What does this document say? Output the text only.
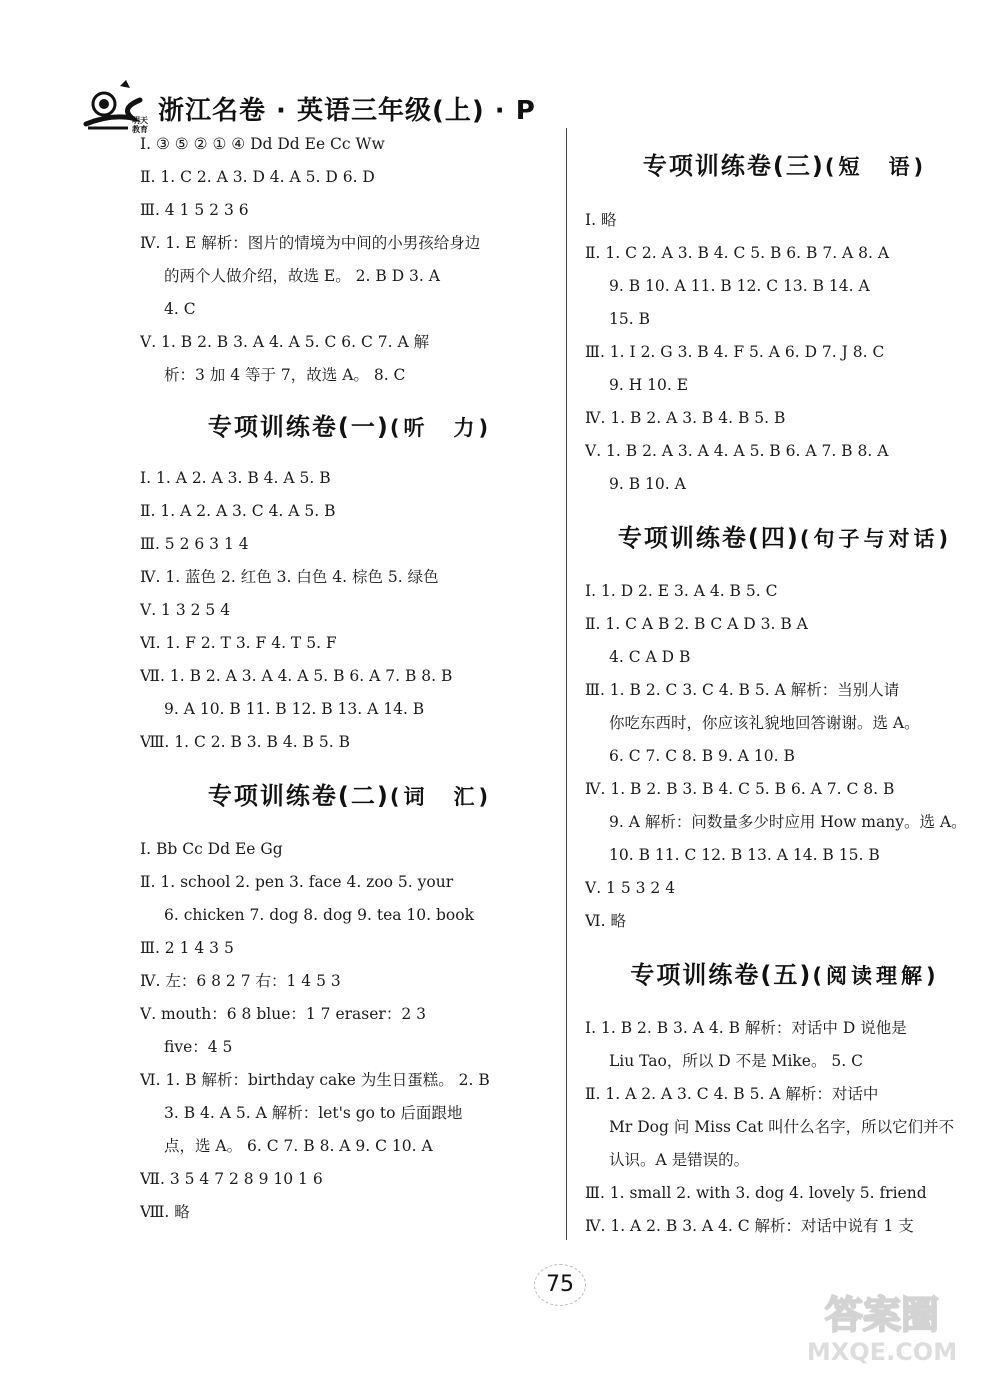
明天教育
浙江名卷 · 英语三年级(上) · P
Ⅰ. ③ ⑤ ② ① ④ Dd Dd Ee Cc Ww
Ⅱ. 1. C 2. A 3. D 4. A 5. D 6. D
Ⅲ. 4 1 5 2 3 6
Ⅳ. 1. E 解析：图片的情境为中间的小男孩给身边
的两个人做介绍，故选 E。 2. B D 3. A
4. C
Ⅴ. 1. B 2. B 3. A 4. A 5. C 6. C 7. A 解
析：3 加 4 等于 7，故选 A。 8. C
专项训练卷(一)(听　力)
Ⅰ. 1. A 2. A 3. B 4. A 5. B
Ⅱ. 1. A 2. A 3. C 4. A 5. B
Ⅲ. 5 2 6 3 1 4
Ⅳ. 1. 蓝色 2. 红色 3. 白色 4. 棕色 5. 绿色
Ⅴ. 1 3 2 5 4
Ⅵ. 1. F 2. T 3. F 4. T 5. F
Ⅶ. 1. B 2. A 3. A 4. A 5. B 6. A 7. B 8. B
9. A 10. B 11. B 12. B 13. A 14. B
Ⅷ. 1. C 2. B 3. B 4. B 5. B
专项训练卷(二)(词　汇)
Ⅰ. Bb Cc Dd Ee Gg
Ⅱ. 1. school 2. pen 3. face 4. zoo 5. your
6. chicken 7. dog 8. dog 9. tea 10. book
Ⅲ. 2 1 4 3 5
Ⅳ. 左：6 8 2 7 右：1 4 5 3
Ⅴ. mouth：6 8 blue：1 7 eraser：2 3
five：4 5
Ⅵ. 1. B 解析：birthday cake 为生日蛋糕。 2. B
3. B 4. A 5. A 解析：let's go to 后面跟地
点，选 A。 6. C 7. B 8. A 9. C 10. A
Ⅶ. 3 5 4 7 2 8 9 10 1 6
Ⅷ. 略
专项训练卷(三)(短　语)
Ⅰ. 略
Ⅱ. 1. C 2. A 3. B 4. C 5. B 6. B 7. A 8. A
9. B 10. A 11. B 12. C 13. B 14. A
15. B
Ⅲ. 1. I 2. G 3. B 4. F 5. A 6. D 7. J 8. C
9. H 10. E
Ⅳ. 1. B 2. A 3. B 4. B 5. B
Ⅴ. 1. B 2. A 3. A 4. A 5. B 6. A 7. B 8. A
9. B 10. A
专项训练卷(四)(句子与对话)
Ⅰ. 1. D 2. E 3. A 4. B 5. C
Ⅱ. 1. C A B 2. B C A D 3. B A
4. C A D B
Ⅲ. 1. B 2. C 3. C 4. B 5. A 解析：当别人请
你吃东西时，你应该礼貌地回答谢谢。选 A。
6. C 7. C 8. B 9. A 10. B
Ⅳ. 1. B 2. B 3. B 4. C 5. B 6. A 7. C 8. B
9. A 解析：问数量多少时应用 How many。选 A。
10. B 11. C 12. B 13. A 14. B 15. B
Ⅴ. 1 5 3 2 4
Ⅵ. 略
专项训练卷(五)(阅读理解)
Ⅰ. 1. B 2. B 3. A 4. B 解析：对话中 D 说他是
Liu Tao，所以 D 不是 Mike。 5. C
Ⅱ. 1. A 2. A 3. C 4. B 5. A 解析：对话中
Mr Dog 问 Miss Cat 叫什么名字，所以它们并不
认识。A 是错误的。
Ⅲ. 1. small 2. with 3. dog 4. lovely 5. friend
Ⅳ. 1. A 2. B 3. A 4. C 解析：对话中说有 1 支
75
答案圈
MXQE.COM
